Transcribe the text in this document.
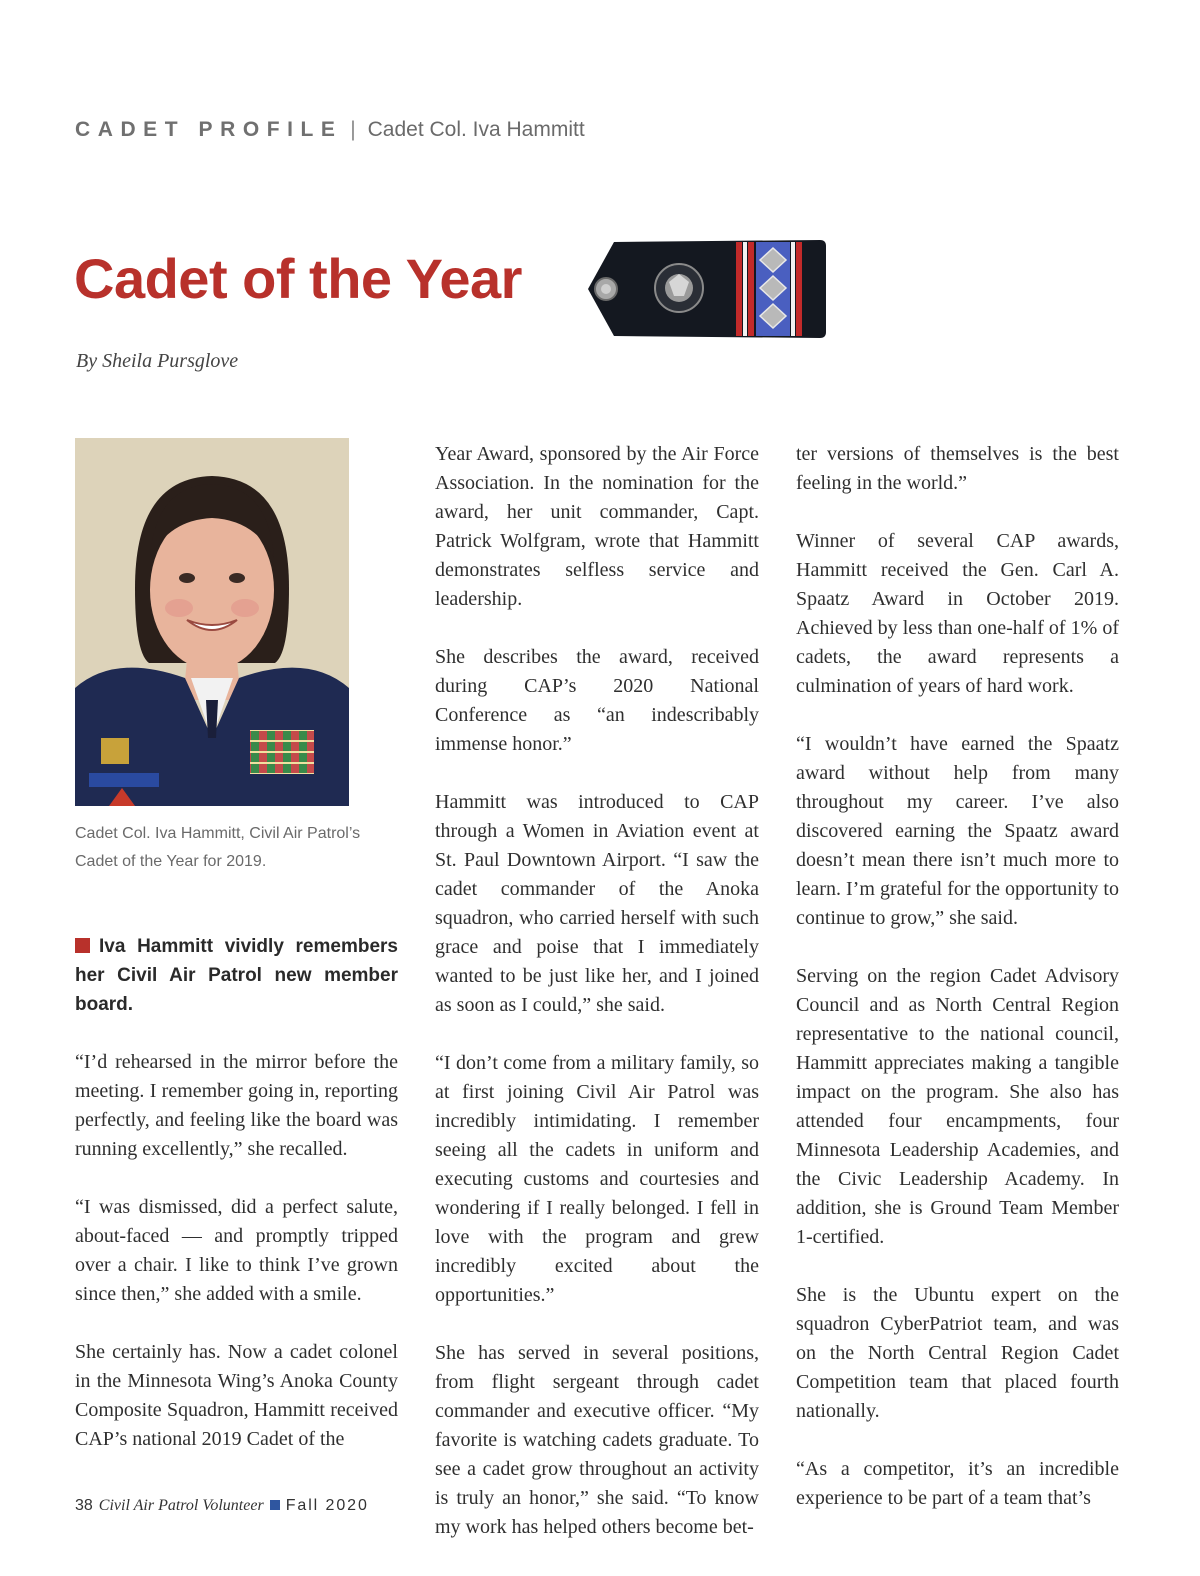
CADET PROFILE | Cadet Col. Iva Hammitt
Cadet of the Year
By Sheila Pursglove
Cadet Col. Iva Hammitt, Civil Air Patrol’s Cadet of the Year for 2019.

Iva Hammitt vividly remembers her Civil Air Patrol new member board.

“I’d rehearsed in the mirror before the meeting. I remember going in, reporting perfectly, and feeling like the board was running excellently,” she recalled.

“I was dismissed, did a perfect salute, about-faced — and promptly tripped over a chair. I like to think I’ve grown since then,” she added with a smile.

She certainly has. Now a cadet colonel in the Minnesota Wing’s Anoka County Composite Squadron, Hammitt received CAP’s national 2019 Cadet of the

Year Award, sponsored by the Air Force Association. In the nomination for the award, her unit commander, Capt. Patrick Wolfgram, wrote that Hammitt demonstrates selfless service and leadership.

She describes the award, received during CAP’s 2020 National Conference as “an indescribably immense honor.”

Hammitt was introduced to CAP through a Women in Aviation event at St. Paul Downtown Airport. “I saw the cadet commander of the Anoka squadron, who carried herself with such grace and poise that I immediately wanted to be just like her, and I joined as soon as I could,” she said.

“I don’t come from a military family, so at first joining Civil Air Patrol was incredibly intimidating. I remember seeing all the cadets in uniform and executing customs and courtesies and wondering if I really belonged. I fell in love with the program and grew incredibly excited about the opportunities.”

She has served in several positions, from flight sergeant through cadet commander and executive officer. “My favorite is watching cadets graduate. To see a cadet grow throughout an activity is truly an honor,” she said. “To know my work has helped others become bet-

ter versions of themselves is the best feeling in the world.”

Winner of several CAP awards, Hammitt received the Gen. Carl A. Spaatz Award in October 2019. Achieved by less than one-half of 1% of cadets, the award represents a culmination of years of hard work.

“I wouldn’t have earned the Spaatz award without help from many throughout my career. I’ve also discovered earning the Spaatz award doesn’t mean there isn’t much more to learn. I’m grateful for the opportunity to continue to grow,” she said.

Serving on the region Cadet Advisory Council and as North Central Region representative to the national council, Hammitt appreciates making a tangible impact on the program. She also has attended four encampments, four Minnesota Leadership Academies, and the Civic Leadership Academy. In addition, she is Ground Team Member 1-certified.

She is the Ubuntu expert on the squadron CyberPatriot team, and was on the North Central Region Cadet Competition team that placed fourth nationally.

“As a competitor, it’s an incredible experience to be part of a team that’s

38 Civil Air Patrol Volunteer Fall 2020
